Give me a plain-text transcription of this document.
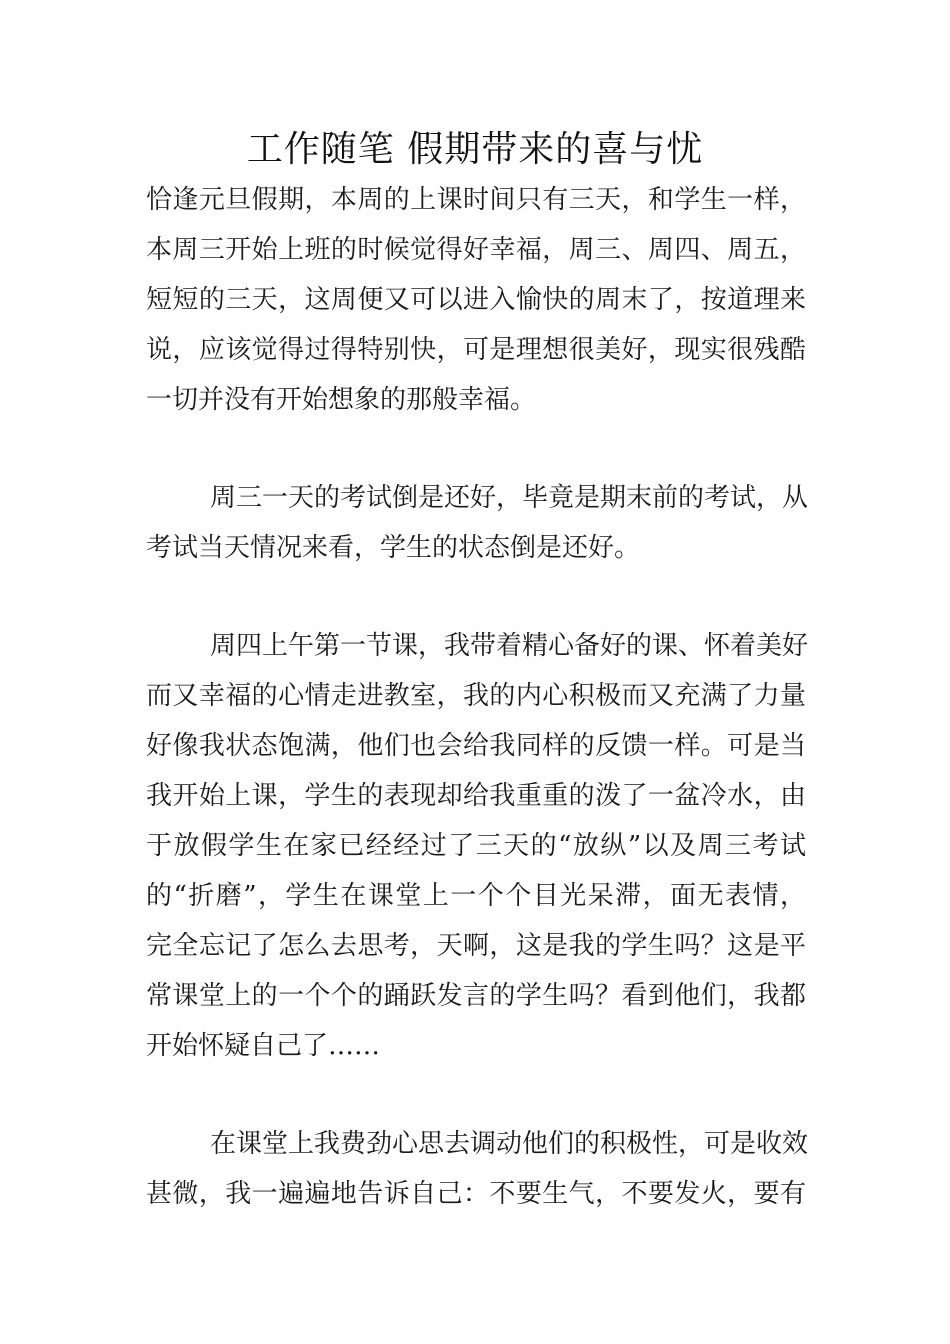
工作随笔 假期带来的喜与忧
恰逢元旦假期，本周的上课时间只有三天，和学生一样，
本周三开始上班的时候觉得好幸福，周三、周四、周五，
短短的三天，这周便又可以进入愉快的周末了，按道理来
说，应该觉得过得特别快，可是理想很美好，现实很残酷
一切并没有开始想象的那般幸福。
周三一天的考试倒是还好，毕竟是期末前的考试，从
考试当天情况来看，学生的状态倒是还好。
周四上午第一节课，我带着精心备好的课、怀着美好
而又幸福的心情走进教室，我的内心积极而又充满了力量
好像我状态饱满，他们也会给我同样的反馈一样。可是当
我开始上课，学生的表现却给我重重的泼了一盆冷水，由
于放假学生在家已经经过了三天的“放纵”以及周三考试
的“折磨”，学生在课堂上一个个目光呆滞，面无表情，
完全忘记了怎么去思考，天啊，这是我的学生吗？这是平
常课堂上的一个个的踊跃发言的学生吗？看到他们，我都
开始怀疑自己了……
在课堂上我费劲心思去调动他们的积极性，可是收效
甚微，我一遍遍地告诉自己：不要生气，不要发火，要有
